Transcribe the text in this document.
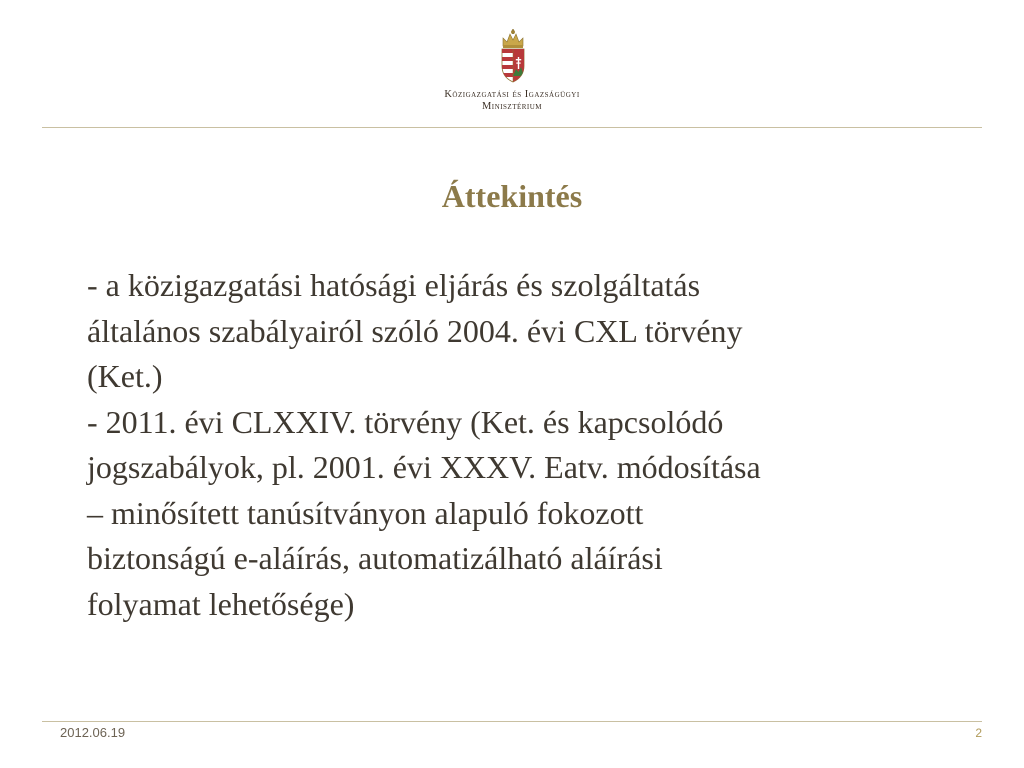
Közigazgatási és Igazságügyi
Minisztérium
Áttekintés

- a közigazgatási hatósági eljárás és szolgáltatás
általános szabályairól szóló 2004. évi CXL törvény
(Ket.)
- 2011. évi CLXXIV. törvény (Ket. és kapcsolódó
jogszabályok, pl. 2001. évi XXXV. Eatv. módosítása
– minősített tanúsítványon alapuló fokozott
biztonságú e-aláírás, automatizálható aláírási
folyamat lehetősége)

2012.06.19	2
